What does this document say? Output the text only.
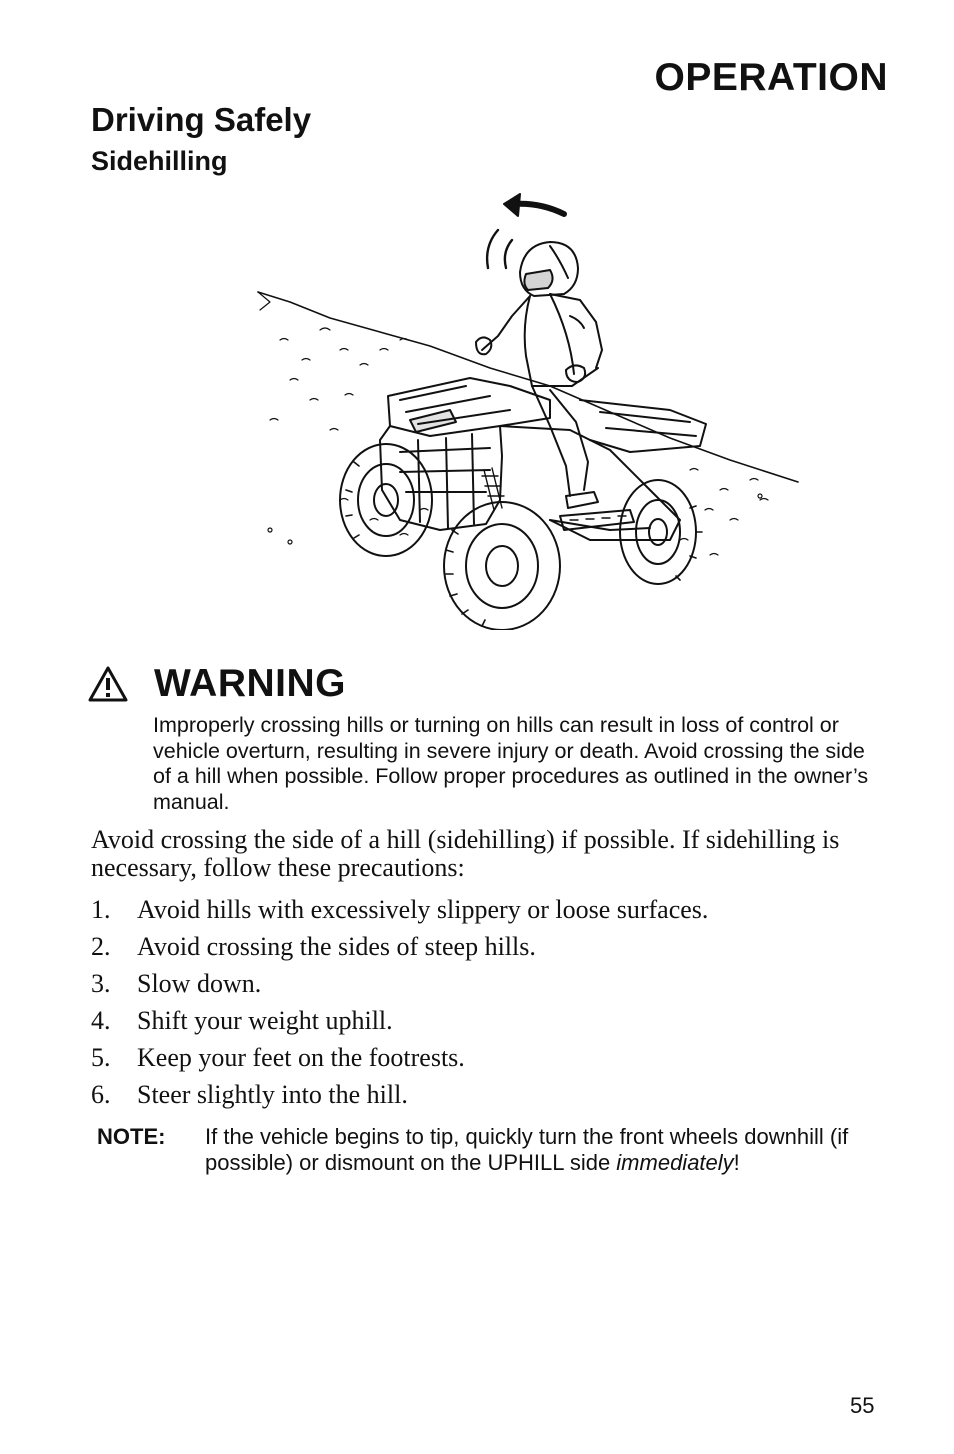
OPERATION
Driving Safely
Sidehilling
WARNING
Improperly crossing hills or turning on hills can result in loss of control or vehicle overturn, resulting in severe injury or death. Avoid crossing the side of a hill when possible. Follow proper procedures as outlined in the owner’s manual.
Avoid crossing the side of a hill (sidehilling) if possible. If sidehilling is necessary, follow these precautions:
1.	Avoid hills with excessively slippery or loose surfaces.
2.	Avoid crossing the sides of steep hills.
3.	Slow down.
4.	Shift your weight uphill.
5.	Keep your feet on the footrests.
6.	Steer slightly into the hill.
NOTE: If the vehicle begins to tip, quickly turn the front wheels downhill (if possible) or dismount on the UPHILL side immediately!
55
